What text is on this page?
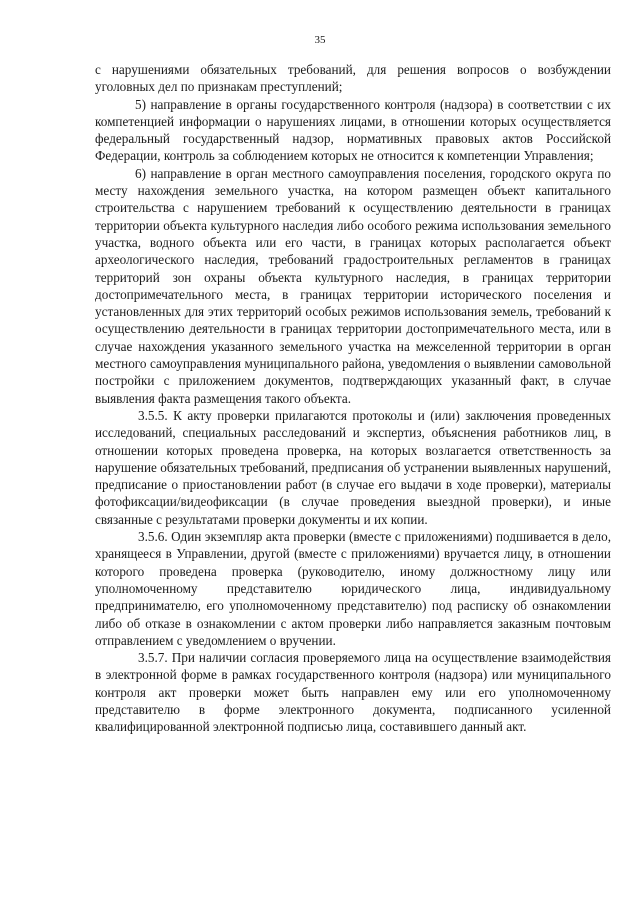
35

с нарушениями обязательных требований, для решения вопросов о возбуждении уголовных дел по признакам преступлений;

5) направление в органы государственного контроля (надзора) в соответствии с их компетенцией информации о нарушениях лицами, в отношении которых осуществляется федеральный государственный надзор, нормативных правовых актов Российской Федерации, контроль за соблюдением которых не относится к компетенции Управления;

6) направление в орган местного самоуправления поселения, городского округа по месту нахождения земельного участка, на котором размещен объект капитального строительства с нарушением требований к осуществлению деятельности в границах территории объекта культурного наследия либо особого режима использования земельного участка, водного объекта или его части, в границах которых располагается объект археологического наследия, требований градостроительных регламентов в границах территорий зон охраны объекта культурного наследия, в границах территории достопримечательного места, в границах территории исторического поселения и установленных для этих территорий особых режимов использования земель, требований к осуществлению деятельности в границах территории достопримечательного места, или в случае нахождения указанного земельного участка на межселенной территории в орган местного самоуправления муниципального района, уведомления о выявлении самовольной постройки с приложением документов, подтверждающих указанный факт, в случае выявления факта размещения такого объекта.

3.5.5. К акту проверки прилагаются протоколы и (или) заключения проведенных исследований, специальных расследований и экспертиз, объяснения работников лиц, в отношении которых проведена проверка, на которых возлагается ответственность за нарушение обязательных требований, предписания об устранении выявленных нарушений, предписание о приостановлении работ (в случае его выдачи в ходе проверки), материалы фотофиксации/видеофиксации (в случае проведения выездной проверки), и иные связанные с результатами проверки документы и их копии.

3.5.6. Один экземпляр акта проверки (вместе с приложениями) подшивается в дело, хранящееся в Управлении, другой (вместе с приложениями) вручается лицу, в отношении которого проведена проверка (руководителю, иному должностному лицу или уполномоченному представителю юридического лица, индивидуальному предпринимателю, его уполномоченному представителю) под расписку об ознакомлении либо об отказе в ознакомлении с актом проверки либо направляется заказным почтовым отправлением с уведомлением о вручении.

3.5.7. При наличии согласия проверяемого лица на осуществление взаимодействия в электронной форме в рамках государственного контроля (надзора) или муниципального контроля акт проверки может быть направлен ему или его уполномоченному представителю в форме электронного документа, подписанного усиленной квалифицированной электронной подписью лица, составившего данный акт.
